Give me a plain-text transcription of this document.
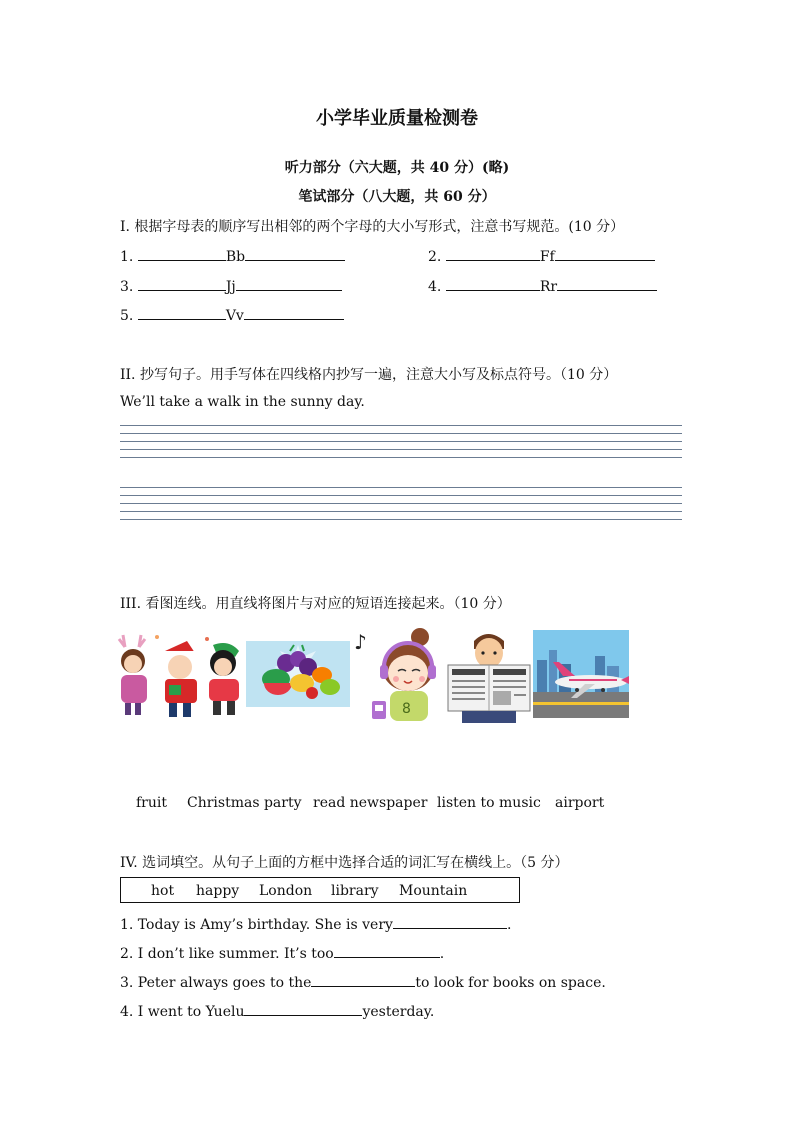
小学毕业质量检测卷
听力部分（六大题，共 40 分）(略)
笔试部分（八大题，共 60 分）
I. 根据字母表的顺序写出相邻的两个字母的大小写形式，注意书写规范。(10 分）
1.	Bb	2.	Ff
3.	Jj	4.	Rr
5.	Vv
II. 抄写句子。用手写体在四线格内抄写一遍，注意大小写及标点符号。（10 分）
We’ll take a walk in the sunny day.
III. 看图连线。用直线将图片与对应的短语连接起来。（10 分）
♪
8
fruit Christmas party read newspaper listen to music airport
IV. 选词填空。从句子上面的方框中选择合适的词汇写在横线上。（5 分）
hot happy London library Mountain
1. Today is Amy’s birthday. She is very	.
2. I don’t like summer. It’s too	.
3. Peter always goes to the	to look for books on space.
4. I went to Yuelu	yesterday.
